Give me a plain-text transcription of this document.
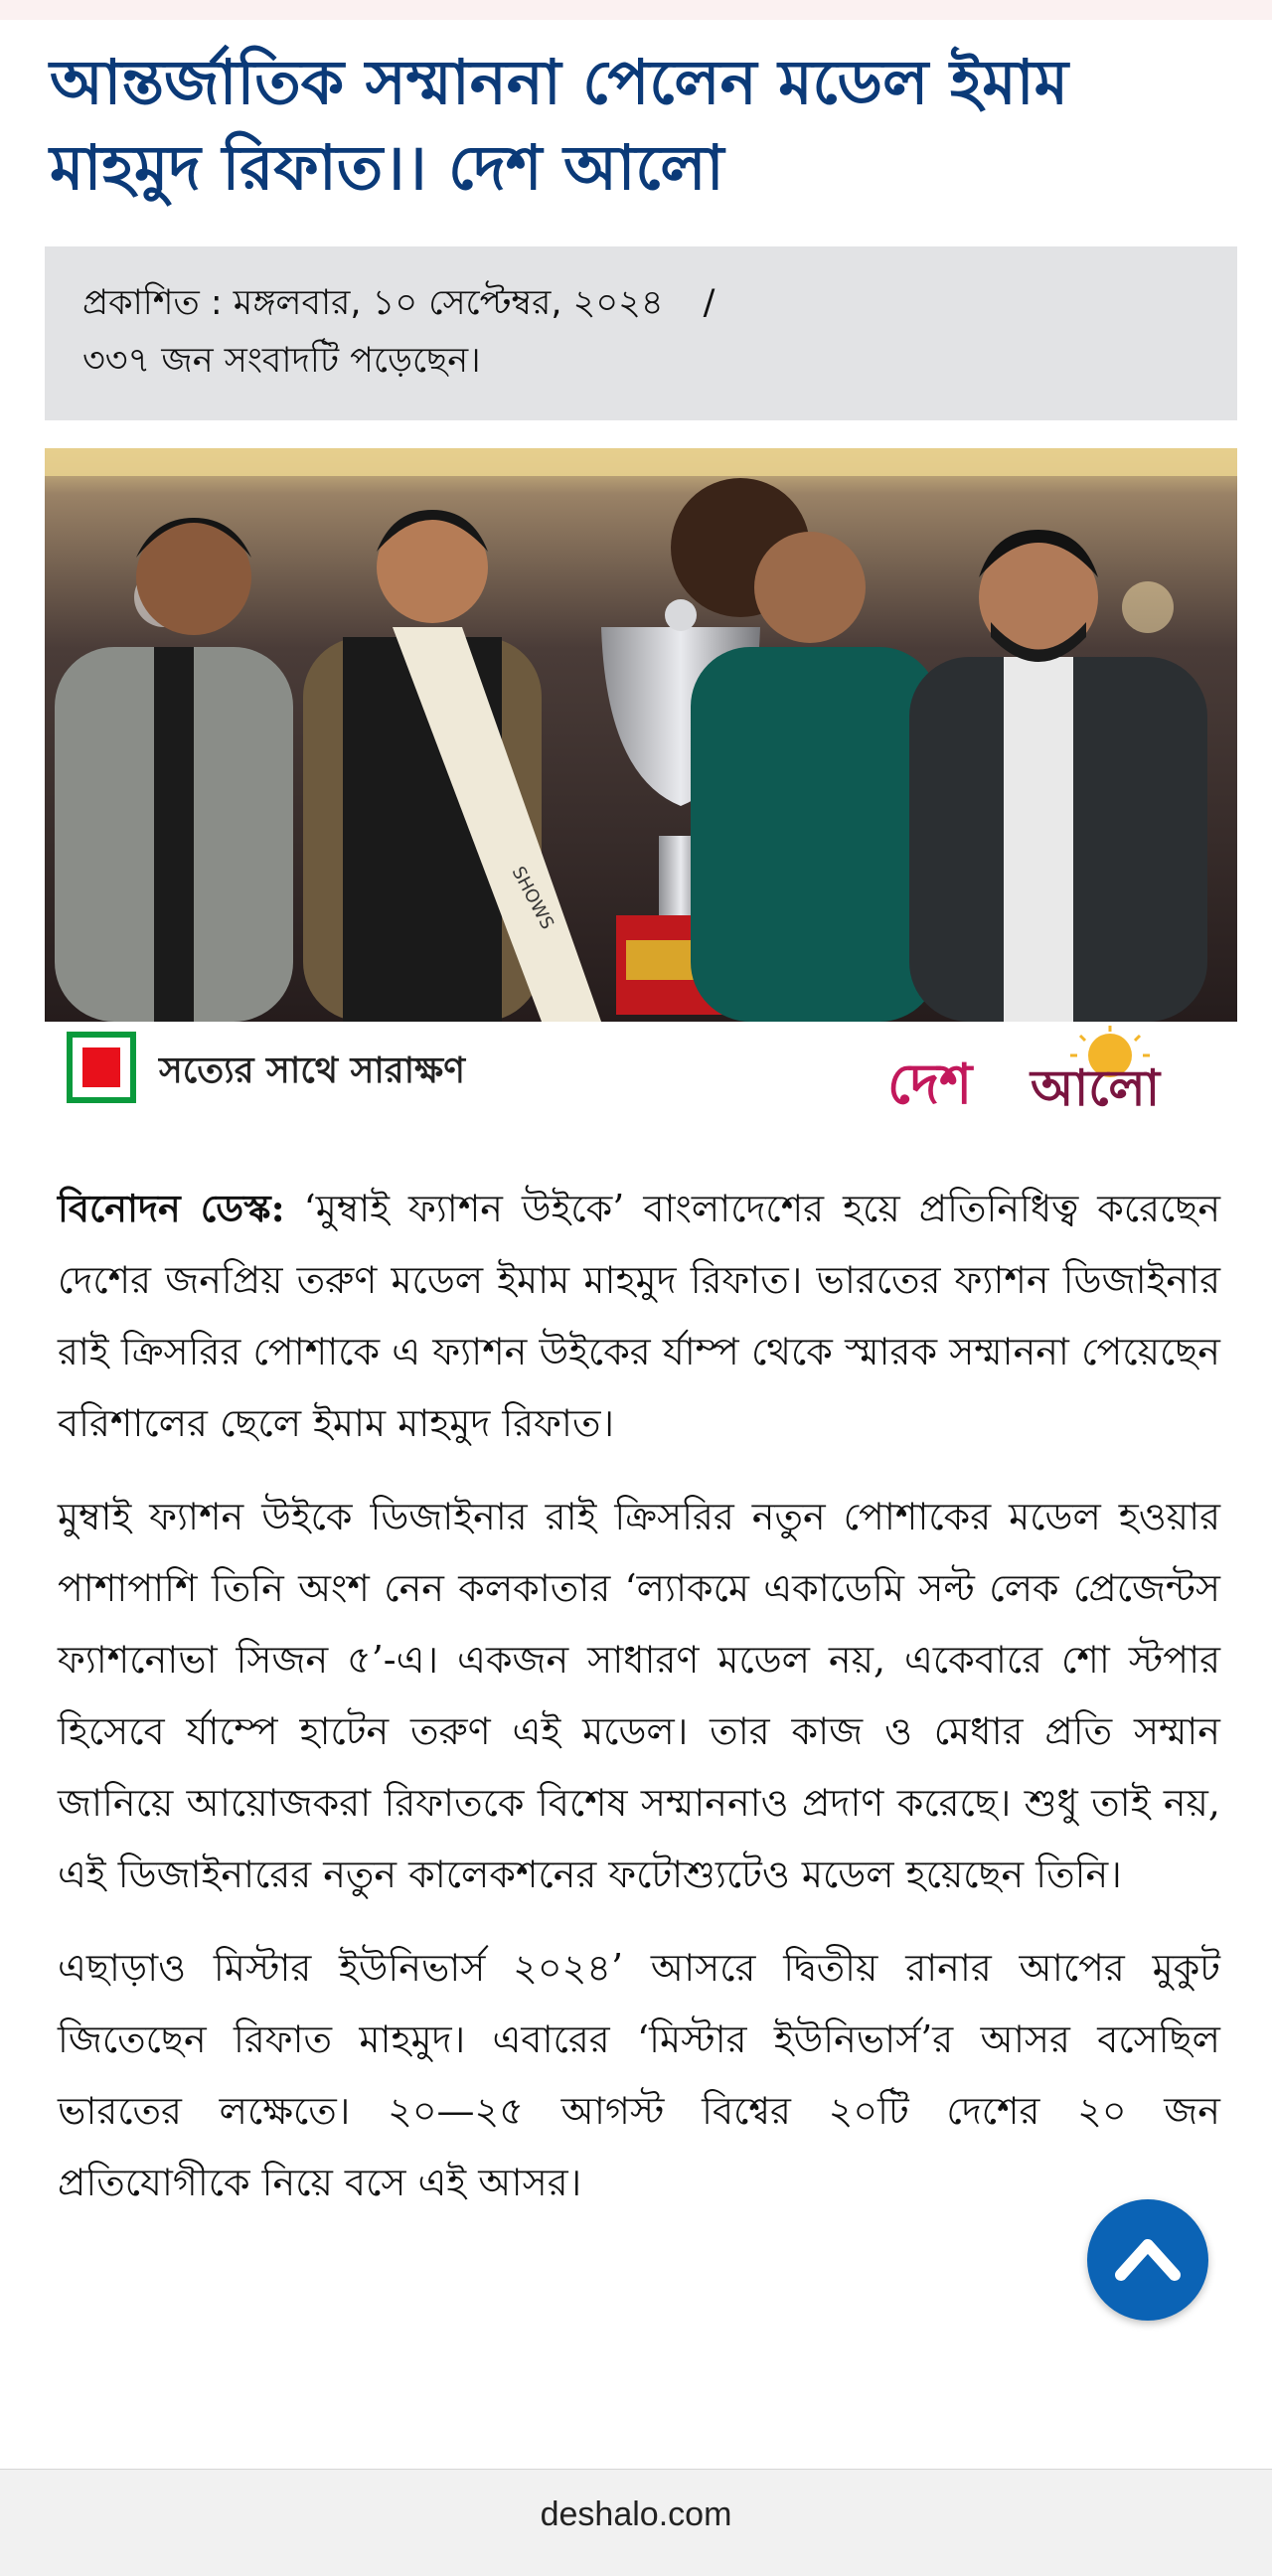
আন্তর্জাতিক সম্মাননা পেলেন মডেল ইমাম মাহমুদ রিফাত।। দেশ আলো
প্রকাশিত : মঙ্গলবার, ১০ সেপ্টেম্বর, ২০২৪ /
৩৩৭ জন সংবাদটি পড়েছেন।
SHOWS
সত্যের সাথে সারাক্ষণ	দেশ আলো

বিনোদন ডেস্ক: ‘মুম্বাই ফ্যাশন উইকে’ বাংলাদেশের হয়ে প্রতিনিধিত্ব করেছেন দেশের জনপ্রিয় তরুণ মডেল ইমাম মাহমুদ রিফাত। ভারতের ফ্যাশন ডিজাইনার রাই ক্রিসরির পোশাকে এ ফ্যাশন উইকের র্যাম্প থেকে স্মারক সম্মাননা পেয়েছেন বরিশালের ছেলে ইমাম মাহমুদ রিফাত।

মুম্বাই ফ্যাশন উইকে ডিজাইনার রাই ক্রিসরির নতুন পোশাকের মডেল হওয়ার পাশাপাশি তিনি অংশ নেন কলকাতার ‘ল্যাকমে একাডেমি সল্ট লেক প্রেজেন্টস ফ্যাশনোভা সিজন ৫’-এ। একজন সাধারণ মডেল নয়, একেবারে শো স্টপার হিসেবে র্যাম্পে হাটেন তরুণ এই মডেল। তার কাজ ও মেধার প্রতি সম্মান জানিয়ে আয়োজকরা রিফাতকে বিশেষ সম্মাননাও প্রদাণ করেছে। শুধু তাই নয়, এই ডিজাইনারের নতুন কালেকশনের ফটোশ্যুটেও মডেল হয়েছেন তিনি।

এছাড়াও মিস্টার ইউনিভার্স ২০২৪’ আসরে দ্বিতীয় রানার আপের মুকুট জিতেছেন রিফাত মাহমুদ। এবারের ‘মিস্টার ইউনিভার্স’র আসর বসেছিল ভারতের লক্ষেতে। ২০—২৫ আগস্ট বিশ্বের ২০টি দেশের ২০ জন প্রতিযোগীকে নিয়ে বসে এই আসর।

deshalo.com
